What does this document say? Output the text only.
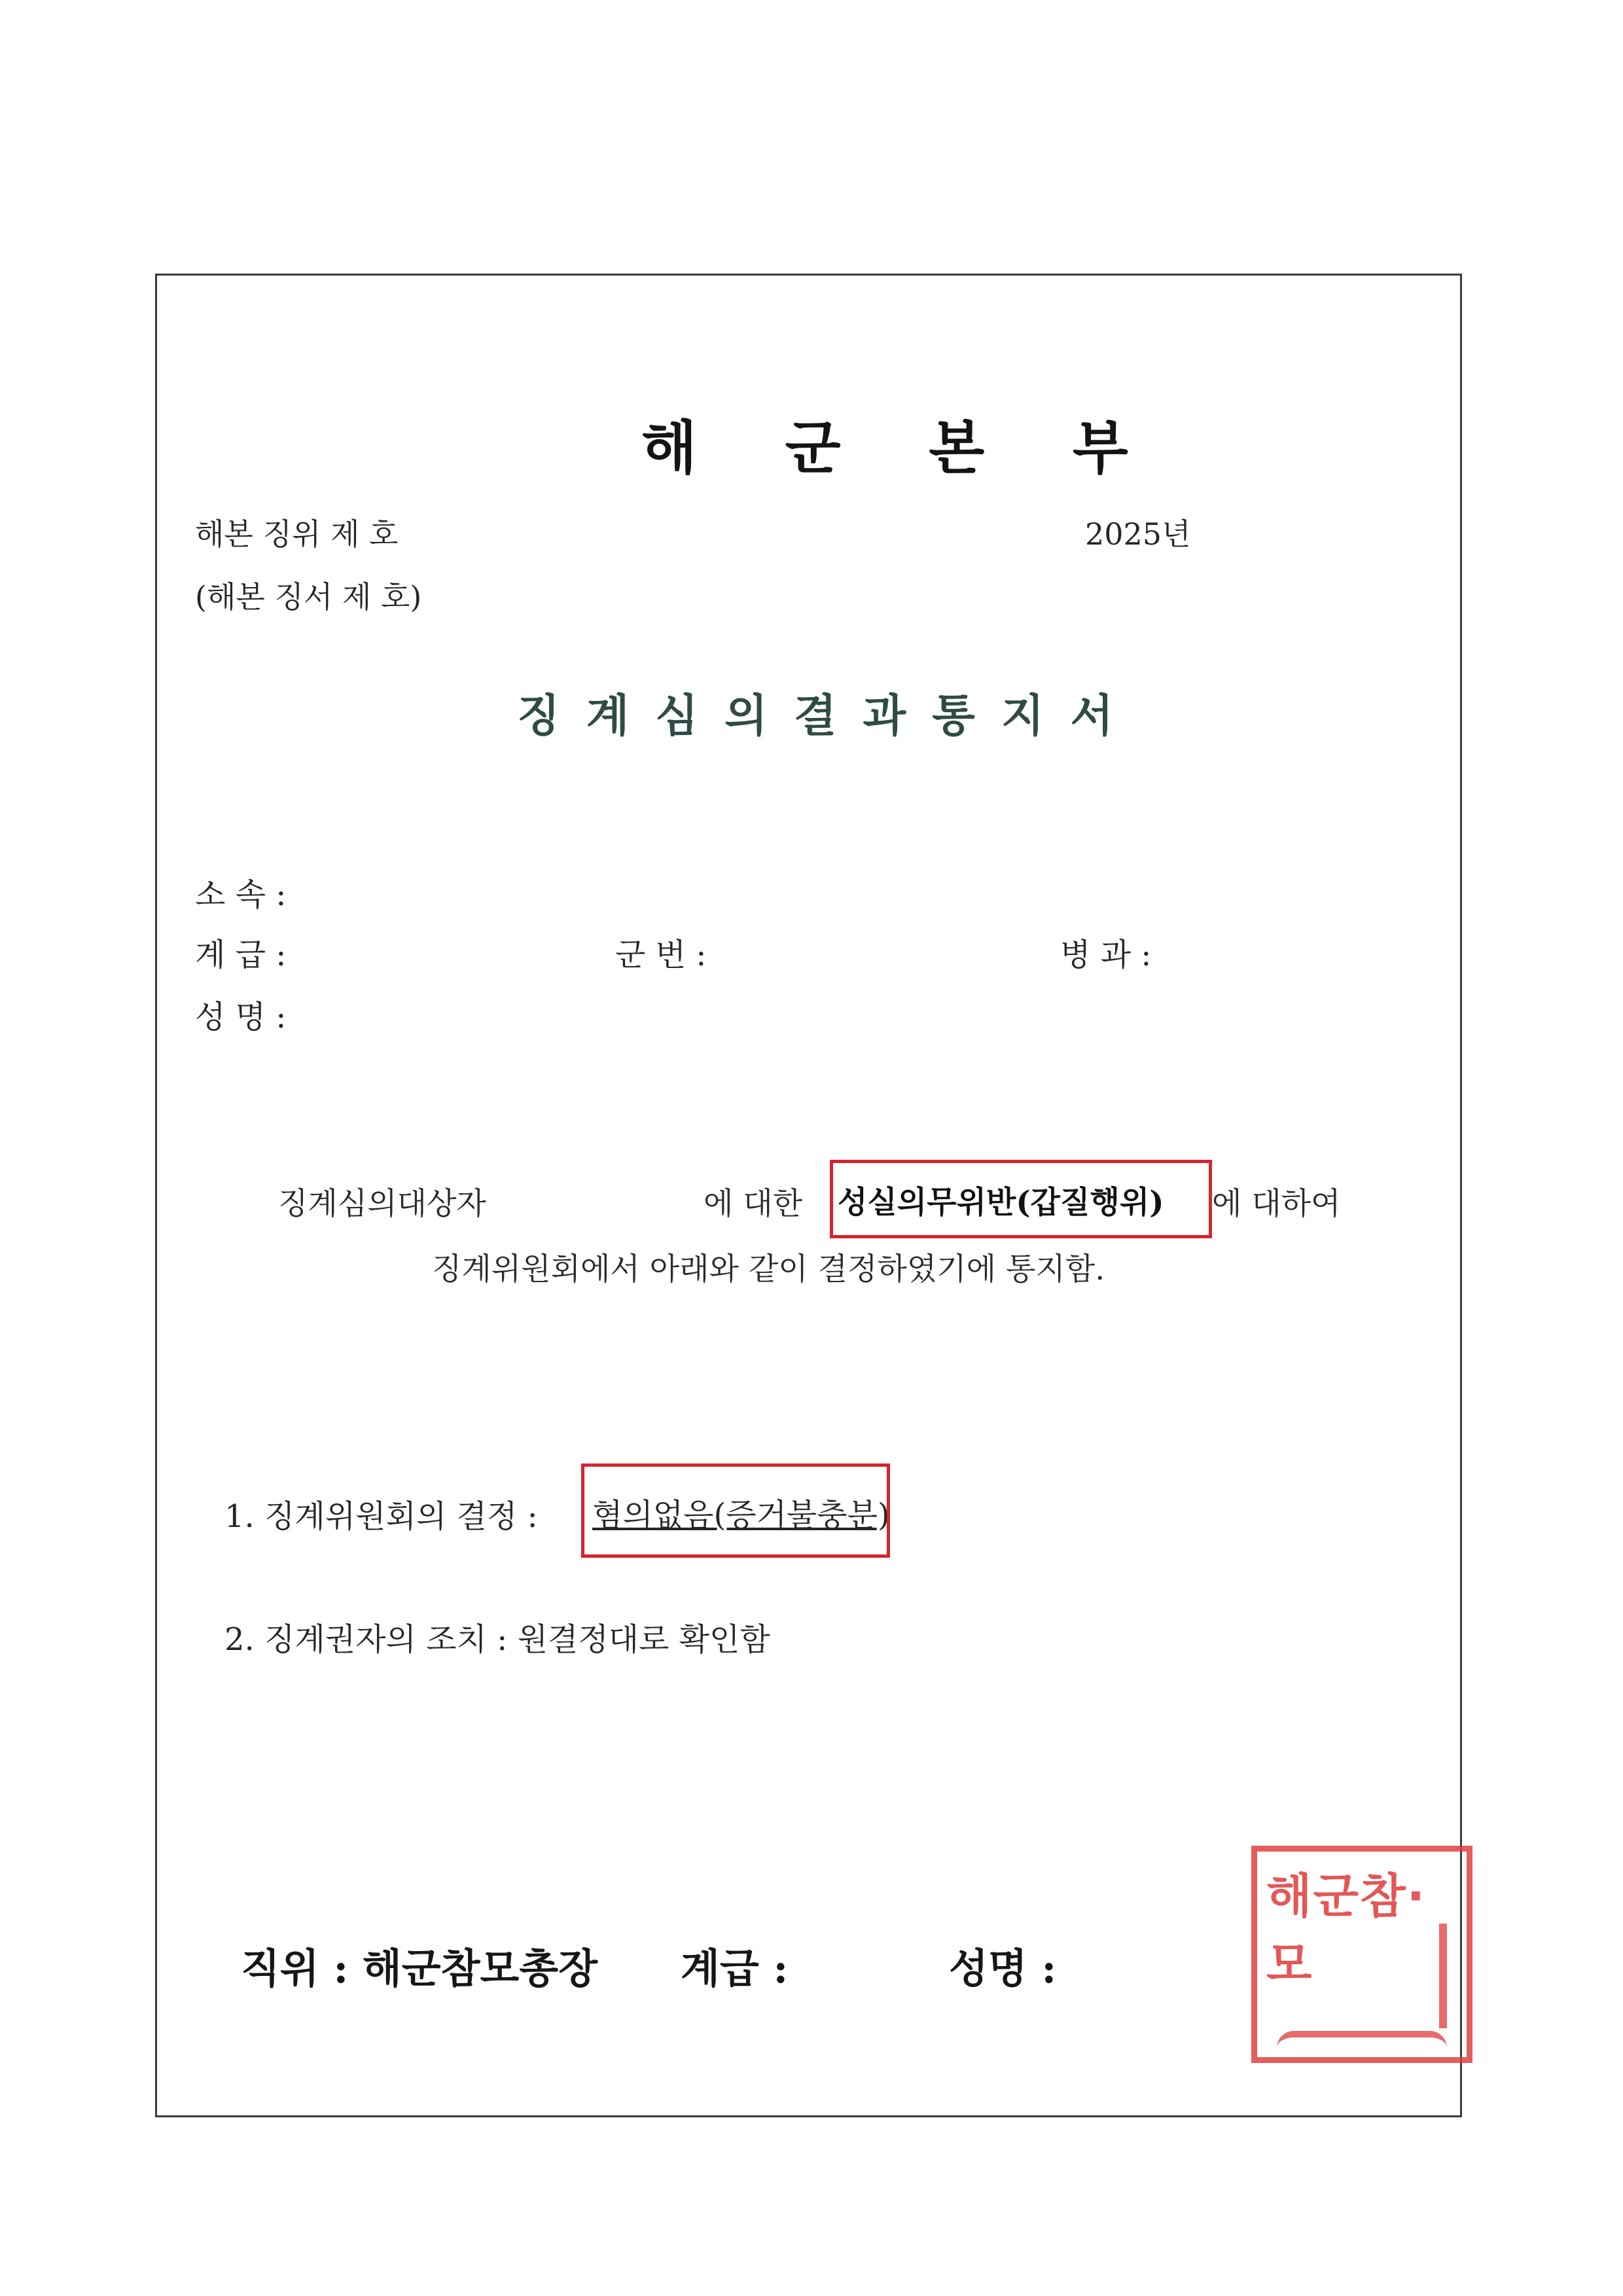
해 군 본 부
해본 징위 제 호	2025년
(해본 징서 제 호)
징계심의결과통지서
소 속 :
계 급 :	군 번 :	병 과 :
성 명 :
징계심의대상자	에 대한 성실의무위반(갑질행위) 에 대하여
징계위원회에서 아래와 같이 결정하였기에 통지함.
1. 징계위원회의 결정 : 혐의없음(증거불충분)
2. 징계권자의 조치 : 원결정대로 확인함
직위 : 해군참모총장 계급 :	성명 :
해군참·모
